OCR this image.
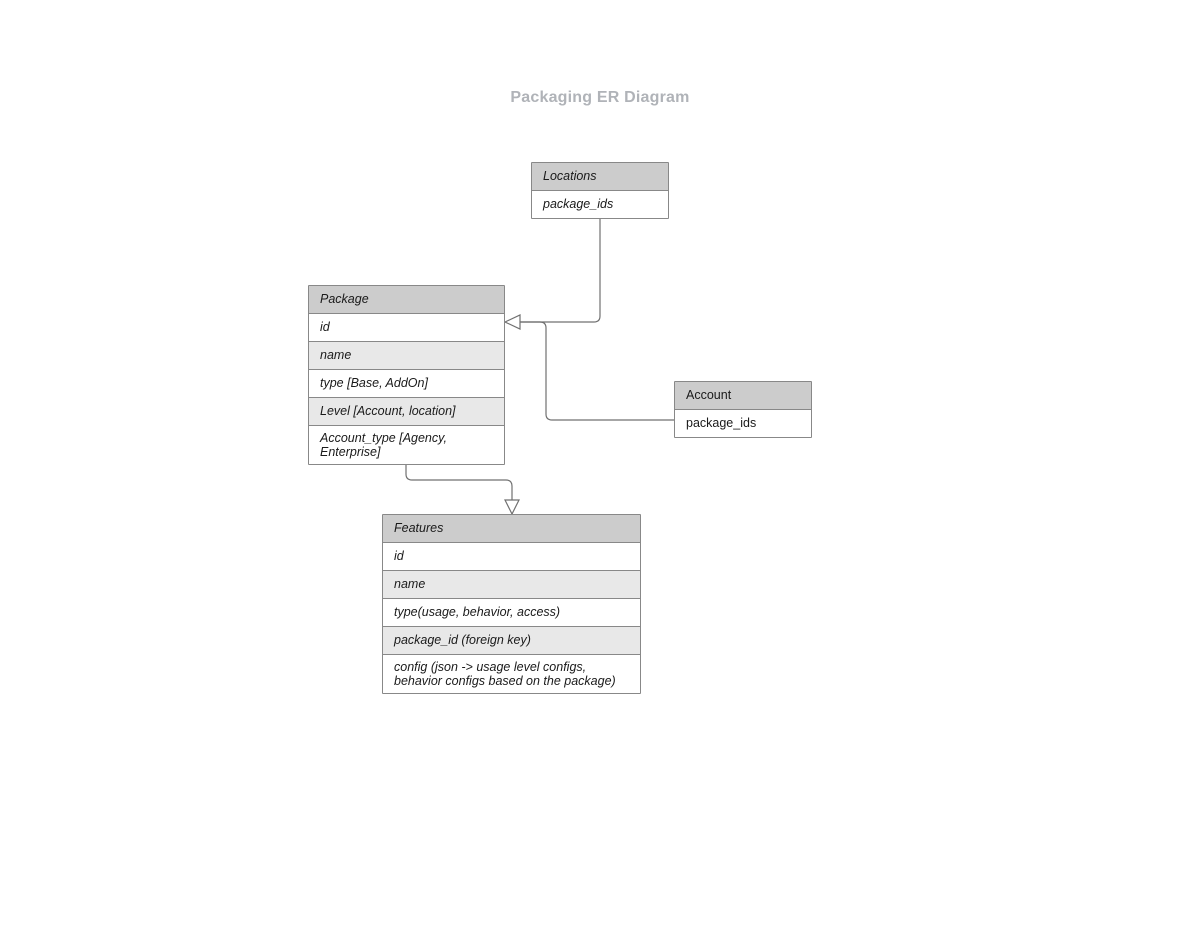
Packaging ER Diagram
Locations
package_ids
Package
id
name
type [Base, AddOn]
Level [Account, location]
Account_type [Agency, Enterprise]
Account
package_ids
Features
id
name
type(usage, behavior, access)
package_id (foreign key)
config (json -> usage level configs, behavior configs based on the package)
